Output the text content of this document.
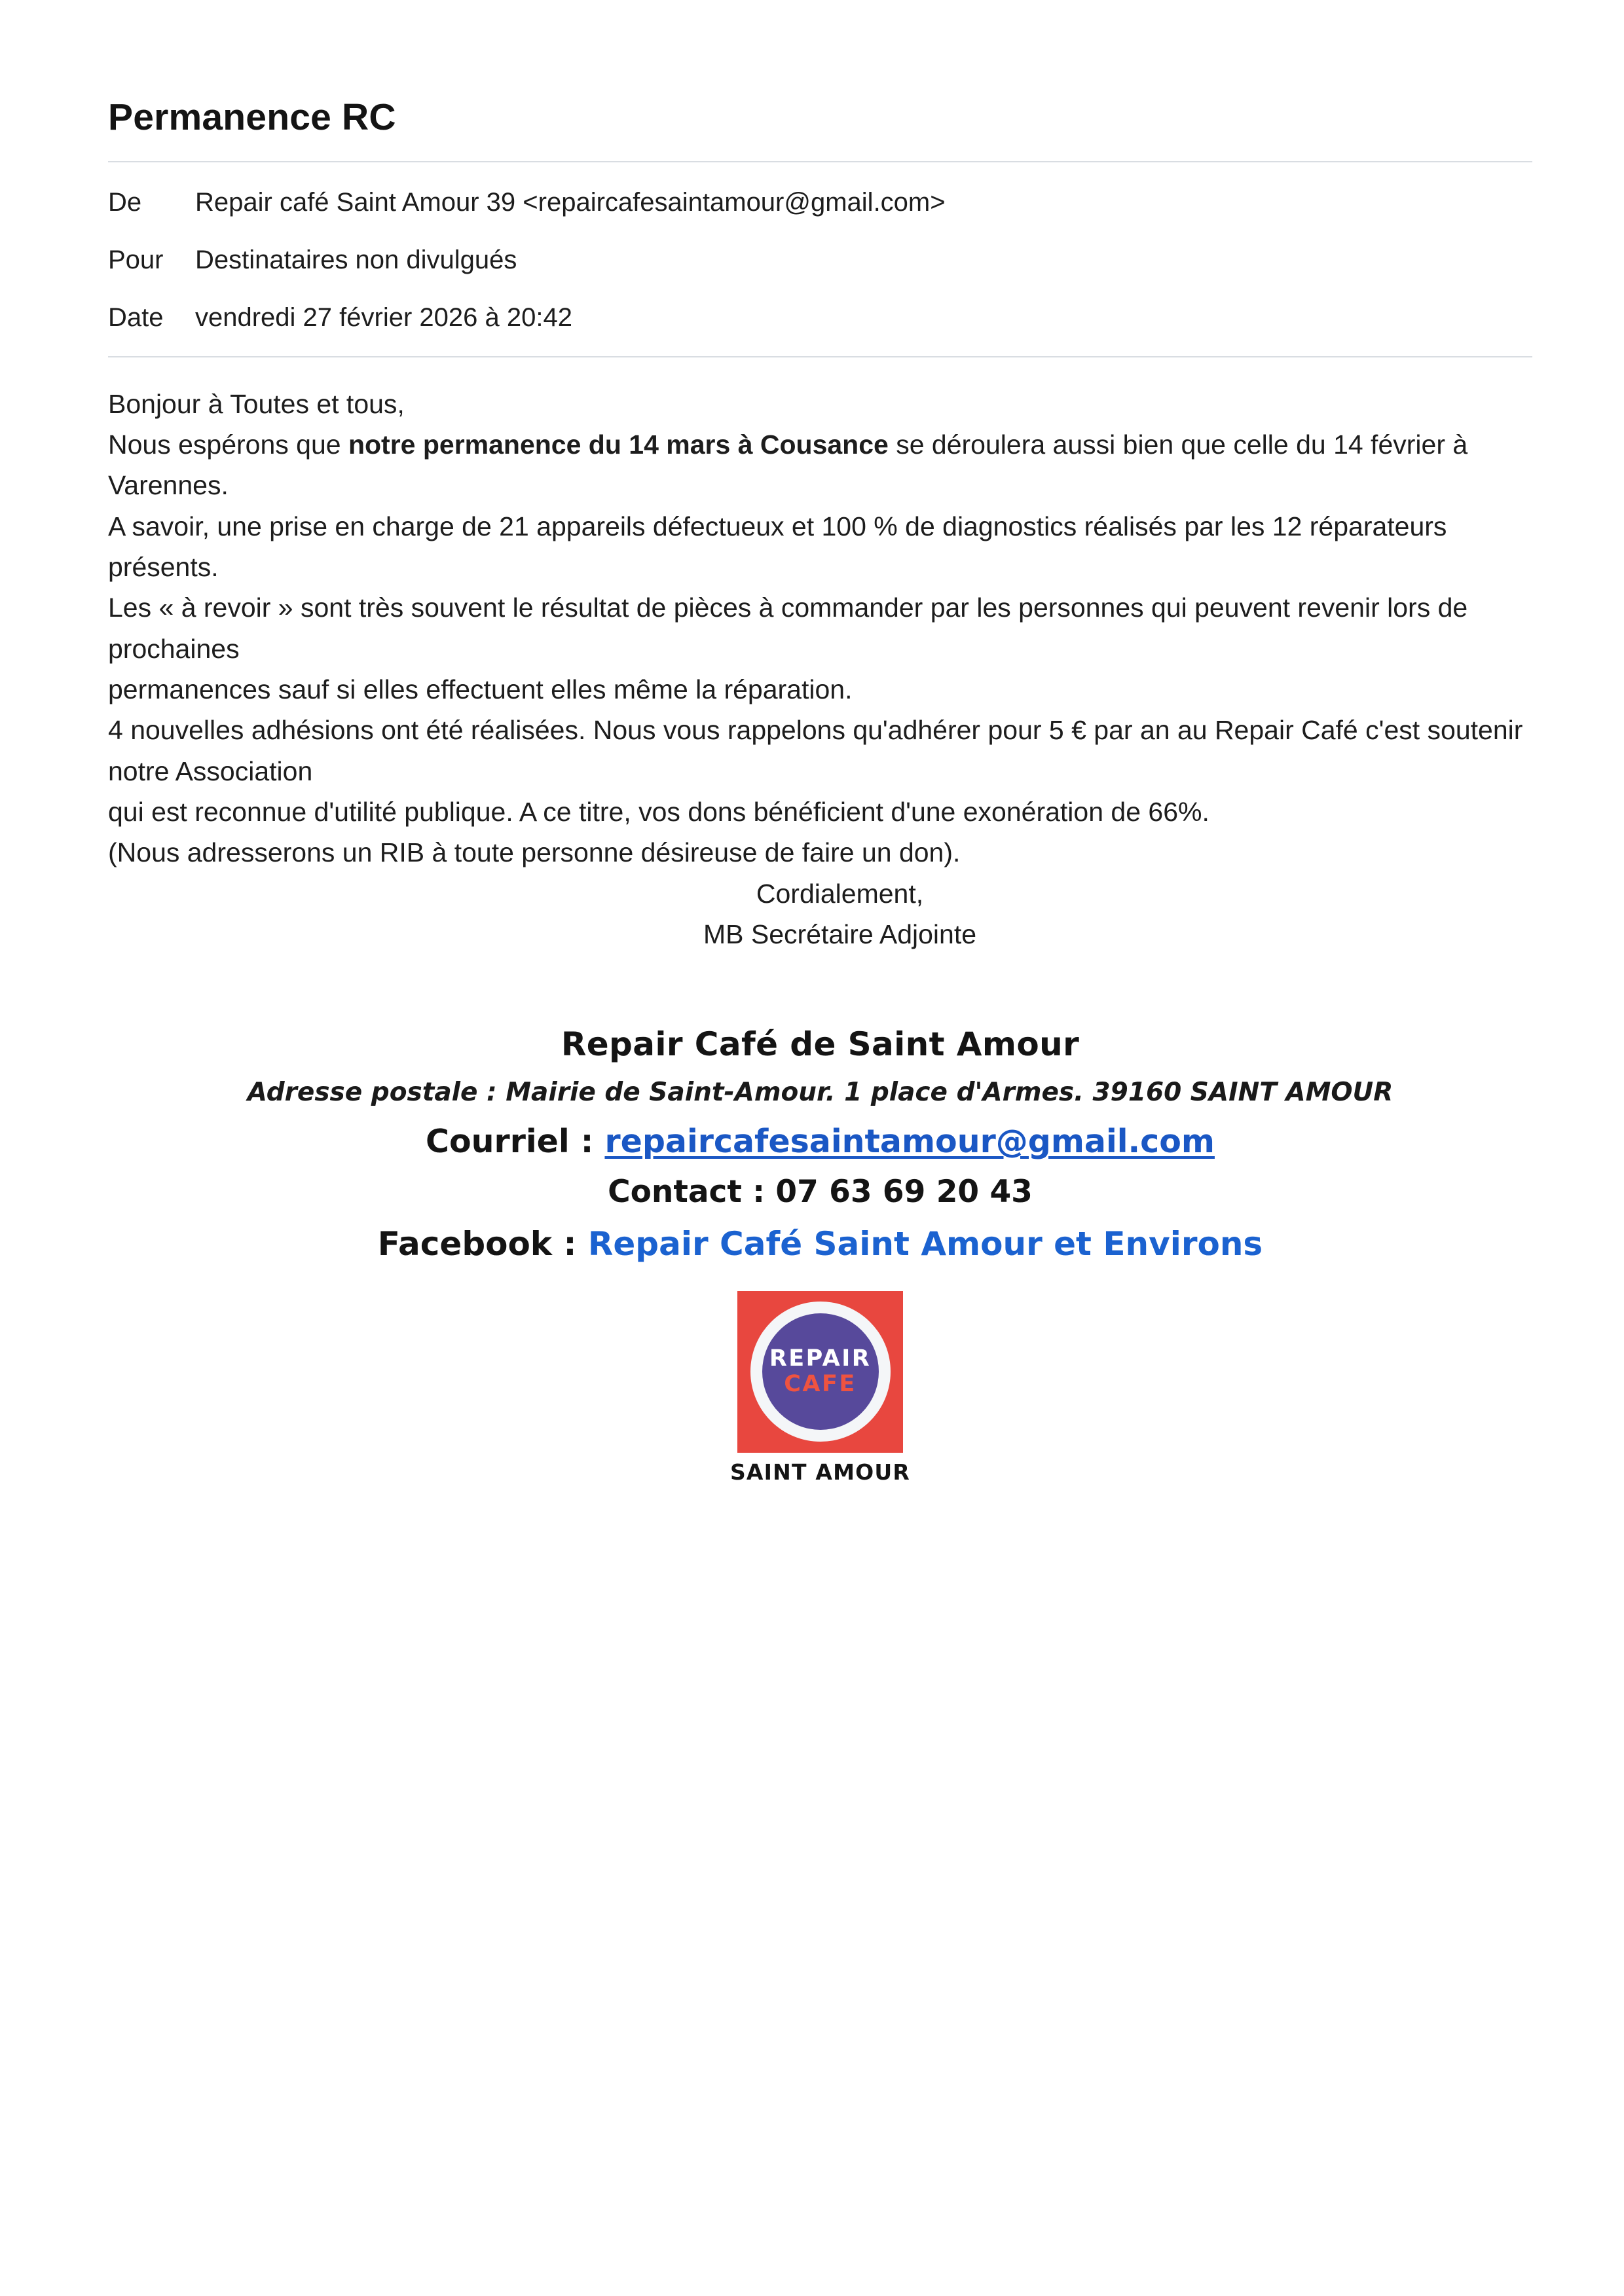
Permanence RC
De	Repair café Saint Amour 39 <repaircafesaintamour@gmail.com>
Pour	Destinataires non divulgués
Date	vendredi 27 février 2026 à 20:42

Bonjour à Toutes et tous,

Nous espérons que notre permanence du 14 mars à Cousance se déroulera aussi bien que celle du 14 février à Varennes.

A savoir, une prise en charge de 21 appareils défectueux et 100 % de diagnostics réalisés par les 12 réparateurs présents.

Les « à revoir » sont très souvent le résultat de pièces à commander par les personnes qui peuvent revenir lors de prochaines

permanences sauf si elles effectuent elles même la réparation.

4 nouvelles adhésions ont été réalisées. Nous vous rappelons qu'adhérer pour 5 € par an au Repair Café c'est soutenir notre Association

qui est reconnue d'utilité publique. A ce titre, vos dons bénéficient d'une exonération de 66%.

(Nous adresserons un RIB à toute personne désireuse de faire un don).

Cordialement,

MB Secrétaire Adjointe

Repair Café de Saint Amour
Adresse postale : Mairie de Saint-Amour. 1 place d'Armes. 39160 SAINT AMOUR
Courriel : repaircafesaintamour@gmail.com
Contact : 07 63 69 20 43
Facebook : Repair Café Saint Amour et Environs
REPAIR
CAFE
SAINT AMOUR
